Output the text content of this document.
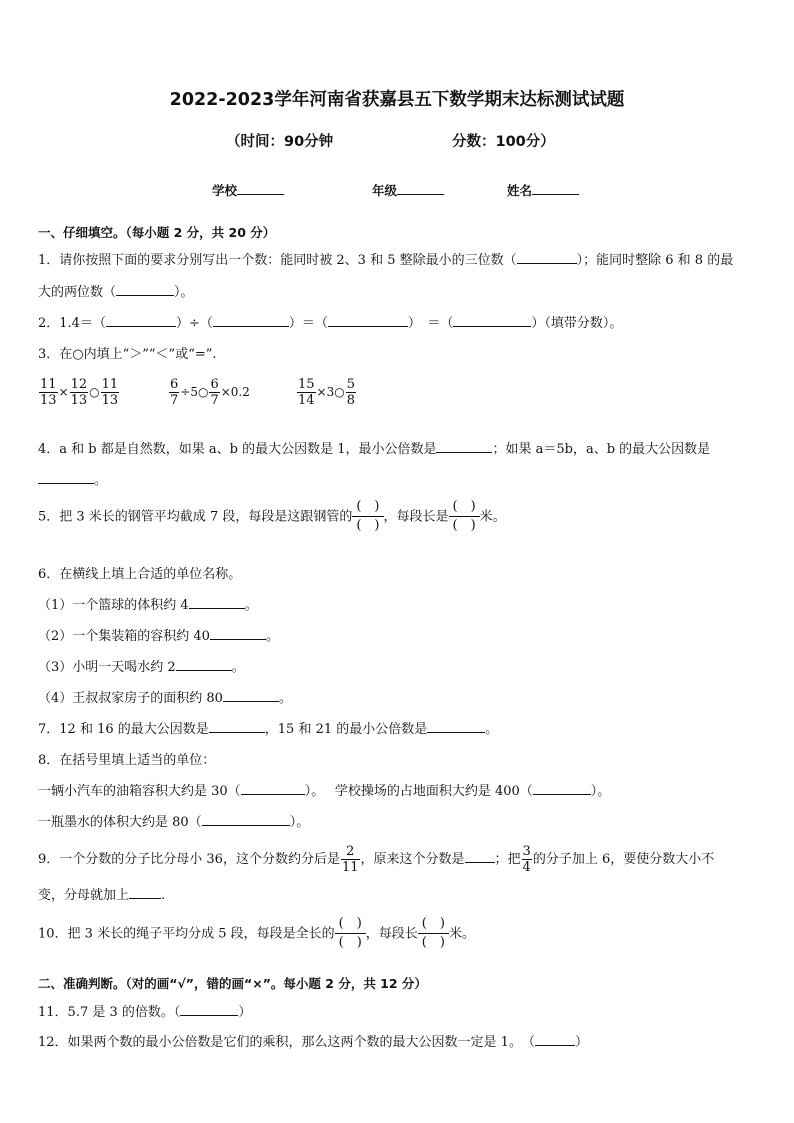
2022-2023学年河南省获嘉县五下数学期末达标测试试题
（时间：90分钟	分数：100分）
学校	年级	姓名
一、仔细填空。（每小题 2 分，共 20 分）
1．请你按照下面的要求分别写出一个数：能同时被 2、3 和 5 整除最小的三位数（	）；能同时整除 6 和 8 的最
大的两位数（	）。
2．1.4＝（	）÷（	）＝（	）　＝（	）（填带分数）。
3．在○内填上“＞”“＜”或“=”.
$\frac{11}{13} \times \frac{12}{13}$ ○ $\frac{11}{13}$	$\frac{6}{7}$ ÷5○ $\frac{6}{7} \times 0.2$	$\frac{15}{14}$ ×3○ $\frac{5}{8}$
4．a 和 b 都是自然数，如果 a、b 的最大公因数是 1，最小公倍数是	；如果 a＝5b，a、b 的最大公因数是
。
5．把 3 米长的钢管平均截成 7 段，每段是这跟钢管的
(　)
(　)
，每段长是
(　)
(　)
米。
6．在横线上填上合适的单位名称。
（1）一个篮球的体积约 4	。
（2）一个集装箱的容积约 40	。
（3）小明一天喝水约 2	。
（4）王叔叔家房子的面积约 80	。
7．12 和 16 的最大公因数是	，15 和 21 的最小公倍数是	。
8．在括号里填上适当的单位：
一辆小汽车的油箱容积大约是 30（	）。　 学校操场的占地面积大约是 400（	）。
一瓶墨水的体积大约是 80（	）。
9．一个分数的分子比分母小 36，这个分数约分后是 $\frac{2}{11}$ ，原来这个分数是 ；把 $\frac{3}{4}$ 的分子加上 6，要使分数大小不
变，分母就加上 .
10．把 3 米长的绳子平均分成 5 段，每段是全长的
(　)
(　)
，每段长
(　)
(　)
米。
二、准确判断。（对的画“√”，错的画“×”。每小题 2 分，共 12 分）
11．5.7 是 3 的倍数。（	）
12．如果两个数的最小公倍数是它们的乘积，那么这两个数的最大公因数一定是 1。　（	）
